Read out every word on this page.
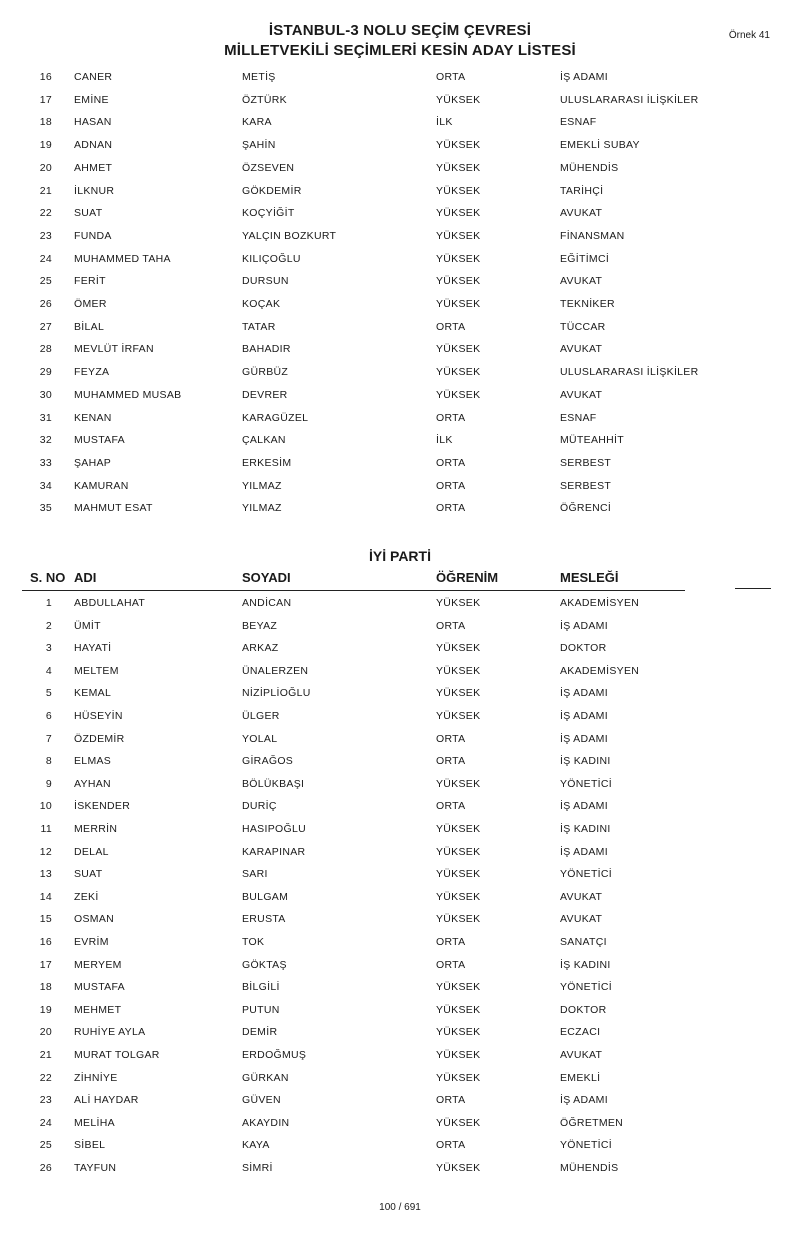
İSTANBUL-3 NOLU SEÇİM ÇEVRESİ
MİLLETVEKİLİ SEÇİMLERİ KESİN ADAY LİSTESİ
Örnek 41
16 CANER	METİŞ	ORTA	İŞ ADAMI
17 EMİNE	ÖZTÜRK	YÜKSEK	ULUSLARARASI İLİŞKİLER
18 HASAN	KARA	İLK	ESNAF
19 ADNAN	ŞAHİN	YÜKSEK	EMEKLİ SUBAY
20 AHMET	ÖZSEVEN	YÜKSEK	MÜHENDİS
21 İLKNUR	GÖKDEMİR	YÜKSEK	TARİHÇİ
22 SUAT	KOÇYİĞİT	YÜKSEK	AVUKAT
23 FUNDA	YALÇIN BOZKURT	YÜKSEK	FİNANSMAN
24 MUHAMMED TAHA	KILIÇOĞLU	YÜKSEK	EĞİTİMCİ
25 FERİT	DURSUN	YÜKSEK	AVUKAT
26 ÖMER	KOÇAK	YÜKSEK	TEKNİKER
27 BİLAL	TATAR	ORTA	TÜCCAR
28 MEVLÜT İRFAN	BAHADIR	YÜKSEK	AVUKAT
29 FEYZA	GÜRBÜZ	YÜKSEK	ULUSLARARASI İLİŞKİLER
30 MUHAMMED MUSAB	DEVRER	YÜKSEK	AVUKAT
31 KENAN	KARAGÜZEL	ORTA	ESNAF
32 MUSTAFA	ÇALKAN	İLK	MÜTEAHHİT
33 ŞAHAP	ERKESİM	ORTA	SERBEST
34 KAMURAN	YILMAZ	ORTA	SERBEST
35 MAHMUT ESAT	YILMAZ	ORTA	ÖĞRENCİ
İYİ PARTİ
S. NO ADI	SOYADI	ÖĞRENİM	MESLEĞİ
1 ABDULLAHAT	ANDİCAN	YÜKSEK	AKADEMİSYEN
2 ÜMİT	BEYAZ	ORTA	İŞ ADAMI
3 HAYATİ	ARKAZ	YÜKSEK	DOKTOR
4 MELTEM	ÜNALERZEN	YÜKSEK	AKADEMİSYEN
5 KEMAL	NİZİPLİOĞLU	YÜKSEK	İŞ ADAMI
6 HÜSEYİN	ÜLGER	YÜKSEK	İŞ ADAMI
7 ÖZDEMİR	YOLAL	ORTA	İŞ ADAMI
8 ELMAS	GİRAĞOS	ORTA	İŞ KADINI
9 AYHAN	BÖLÜKBAŞI	YÜKSEK	YÖNETİCİ
10 İSKENDER	DURİÇ	ORTA	İŞ ADAMI
11 MERRİN	HASIPOĞLU	YÜKSEK	İŞ KADINI
12 DELAL	KARAPINAR	YÜKSEK	İŞ ADAMI
13 SUAT	SARI	YÜKSEK	YÖNETİCİ
14 ZEKİ	BULGAM	YÜKSEK	AVUKAT
15 OSMAN	ERUSTA	YÜKSEK	AVUKAT
16 EVRİM	TOK	ORTA	SANATÇI
17 MERYEM	GÖKTAŞ	ORTA	İŞ KADINI
18 MUSTAFA	BİLGİLİ	YÜKSEK	YÖNETİCİ
19 MEHMET	PUTUN	YÜKSEK	DOKTOR
20 RUHİYE AYLA	DEMİR	YÜKSEK	ECZACI
21 MURAT TOLGAR	ERDOĞMUŞ	YÜKSEK	AVUKAT
22 ZİHNİYE	GÜRKAN	YÜKSEK	EMEKLİ
23 ALİ HAYDAR	GÜVEN	ORTA	İŞ ADAMI
24 MELİHA	AKAYDIN	YÜKSEK	ÖĞRETMEN
25 SİBEL	KAYA	ORTA	YÖNETİCİ
26 TAYFUN	SİMRİ	YÜKSEK	MÜHENDİS
100 / 691
